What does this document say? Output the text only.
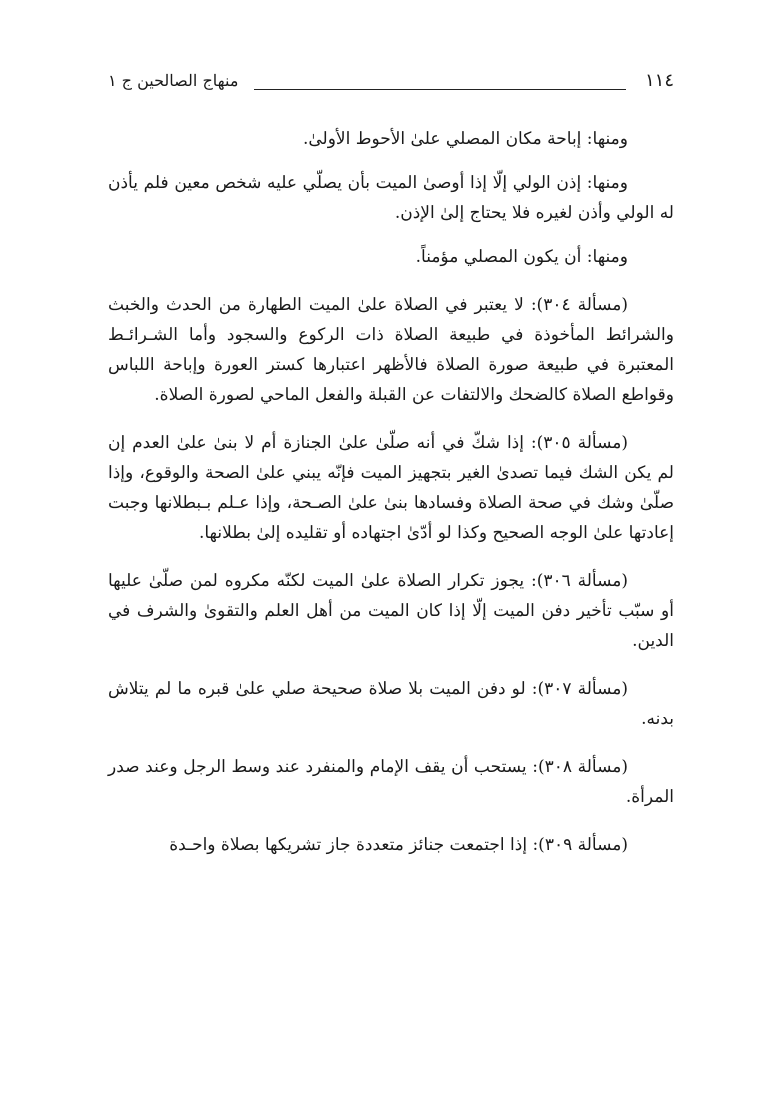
١١٤
منهاج الصالحين ج ١

ومنها: إباحة مكان المصلي علىٰ الأحوط الأولىٰ.

ومنها: إذن الولي إلّا إذا أوصىٰ الميت بأن يصلّي عليه شخص معين فلم يأذن له الولي وأذن لغيره فلا يحتاج إلىٰ الإذن.

ومنها: أن يكون المصلي مؤمناً.

(مسألة ٣٠٤): لا يعتبر في الصلاة علىٰ الميت الطهارة من الحدث والخبث والشرائط المأخوذة في طبيعة الصلاة ذات الركوع والسجود وأما الشـرائـط المعتبرة في طبيعة صورة الصلاة فالأظهر اعتبارها كستر العورة وإباحة اللباس وقواطع الصلاة كالضحك والالتفات عن القبلة والفعل الماحي لصورة الصلاة.

(مسألة ٣٠٥): إذا شكّ في أنه صلّىٰ علىٰ الجنازة أم لا بنىٰ علىٰ العدم إن لم يكن الشك فيما تصدىٰ الغير بتجهيز الميت فإنّه يبني علىٰ الصحة والوقوع، وإذا صلّىٰ وشك في صحة الصلاة وفسادها بنىٰ علىٰ الصـحة، وإذا عـلم بـبطلانها وجبت إعادتها علىٰ الوجه الصحيح وكذا لو أدّىٰ اجتهاده أو تقليده إلىٰ بطلانها.

(مسألة ٣٠٦): يجوز تكرار الصلاة علىٰ الميت لكنّه مكروه لمن صلّىٰ عليها أو سبّب تأخير دفن الميت إلّا إذا كان الميت من أهل العلم والتقوىٰ والشرف في الدين.

(مسألة ٣٠٧): لو دفن الميت بلا صلاة صحيحة صلي علىٰ قبره ما لم يتلاش بدنه.

(مسألة ٣٠٨): يستحب أن يقف الإمام والمنفرد عند وسط الرجل وعند صدر المرأة.

(مسألة ٣٠٩): إذا اجتمعت جنائز متعددة جاز تشريكها بصلاة واحـدة
